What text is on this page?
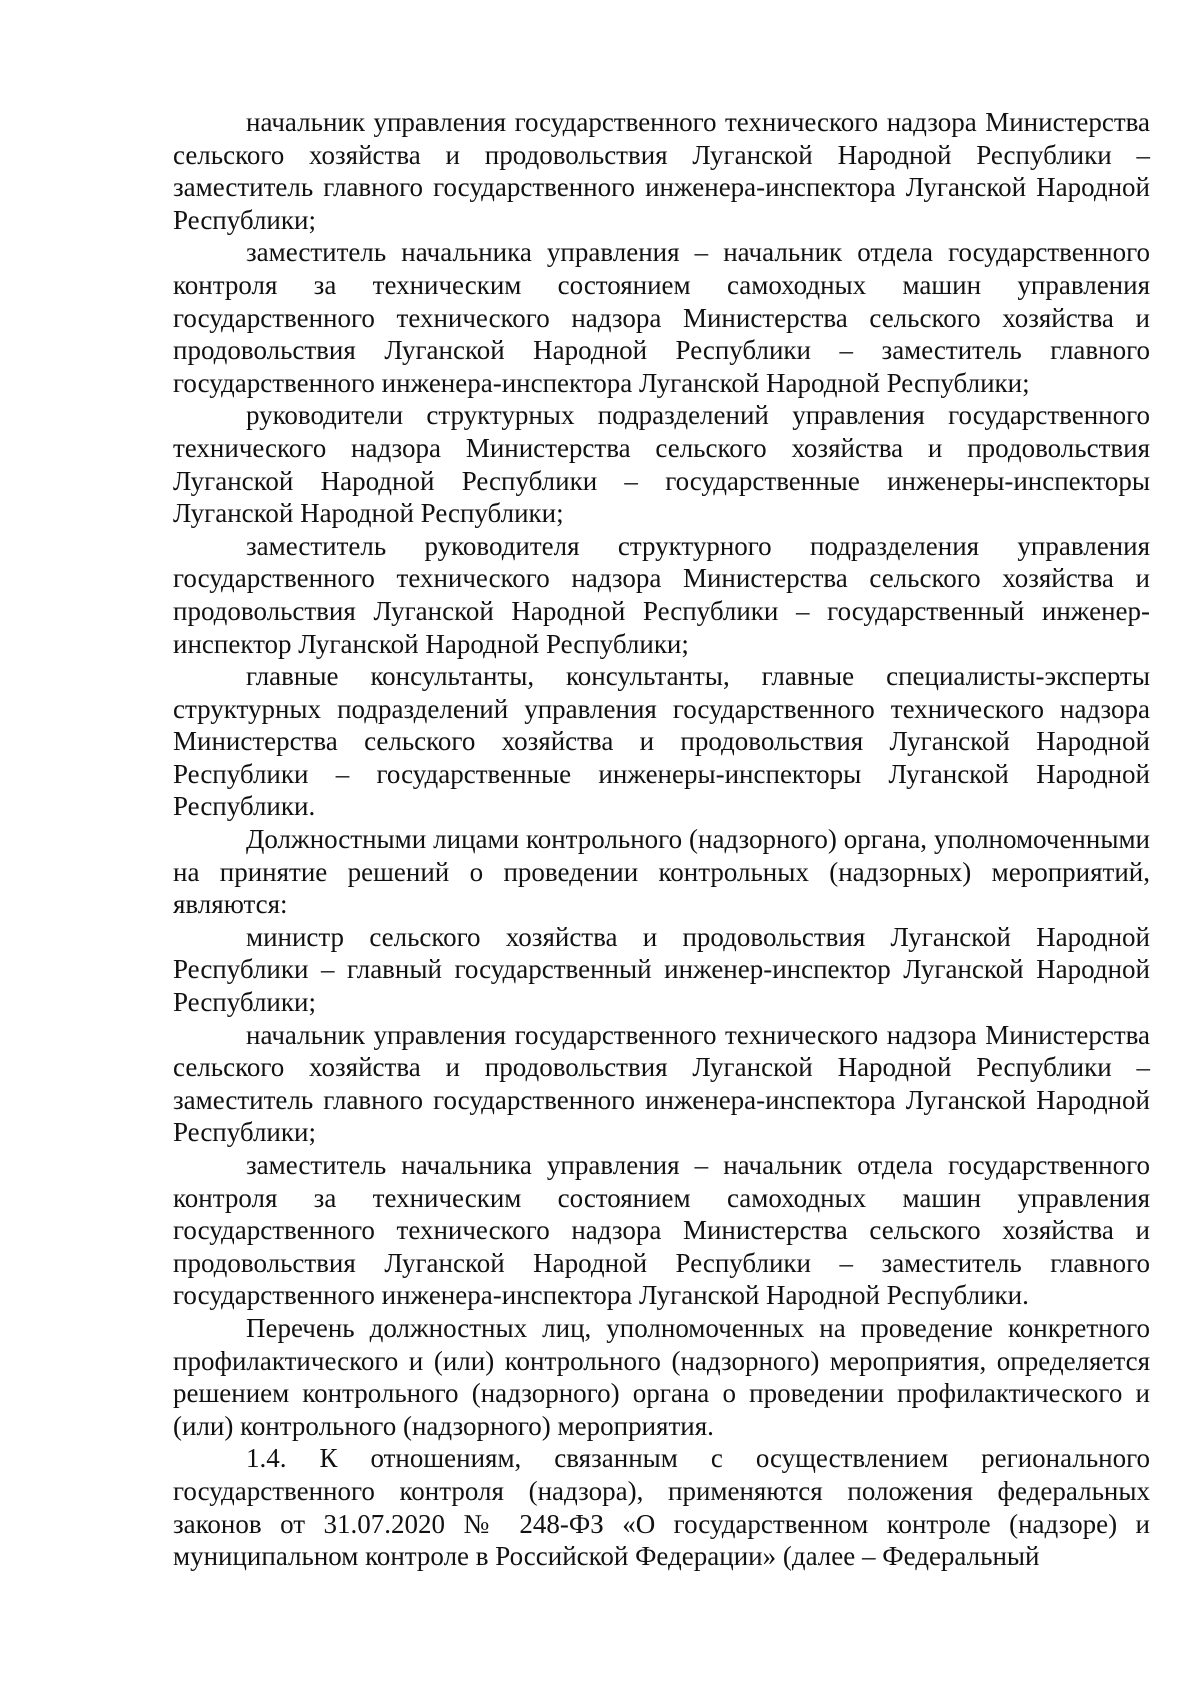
начальник управления государственного технического надзора Министерства сельского хозяйства и продовольствия Луганской Народной Республики – заместитель главного государственного инженера-инспектора Луганской Народной Республики;

заместитель начальника управления – начальник отдела государственного контроля за техническим состоянием самоходных машин управления государственного технического надзора Министерства сельского хозяйства и продовольствия Луганской Народной Республики – заместитель главного государственного инженера-инспектора Луганской Народной Республики;

руководители структурных подразделений управления государственного технического надзора Министерства сельского хозяйства и продовольствия Луганской Народной Республики – государственные инженеры-инспекторы Луганской Народной Республики;

заместитель руководителя структурного подразделения управления государственного технического надзора Министерства сельского хозяйства и продовольствия Луганской Народной Республики – государственный инженер-инспектор Луганской Народной Республики;

главные консультанты, консультанты, главные специалисты-эксперты структурных подразделений управления государственного технического надзора Министерства сельского хозяйства и продовольствия Луганской Народной Республики – государственные инженеры-инспекторы Луганской Народной Республики.

Должностными лицами контрольного (надзорного) органа, уполномоченными на принятие решений о проведении контрольных (надзорных) мероприятий, являются:

министр сельского хозяйства и продовольствия Луганской Народной Республики – главный государственный инженер-инспектор Луганской Народной Республики;

начальник управления государственного технического надзора Министерства сельского хозяйства и продовольствия Луганской Народной Республики – заместитель главного государственного инженера-инспектора Луганской Народной Республики;

заместитель начальника управления – начальник отдела государственного контроля за техническим состоянием самоходных машин управления государственного технического надзора Министерства сельского хозяйства и продовольствия Луганской Народной Республики – заместитель главного государственного инженера-инспектора Луганской Народной Республики.

Перечень должностных лиц, уполномоченных на проведение конкретного профилактического и (или) контрольного (надзорного) мероприятия, определяется решением контрольного (надзорного) органа о проведении профилактического и (или) контрольного (надзорного) мероприятия.

1.4. К отношениям, связанным с осуществлением регионального государственного контроля (надзора), применяются положения федеральных законов от 31.07.2020 № 248-ФЗ «О государственном контроле (надзоре) и муниципальном контроле в Российской Федерации» (далее – Федеральный
